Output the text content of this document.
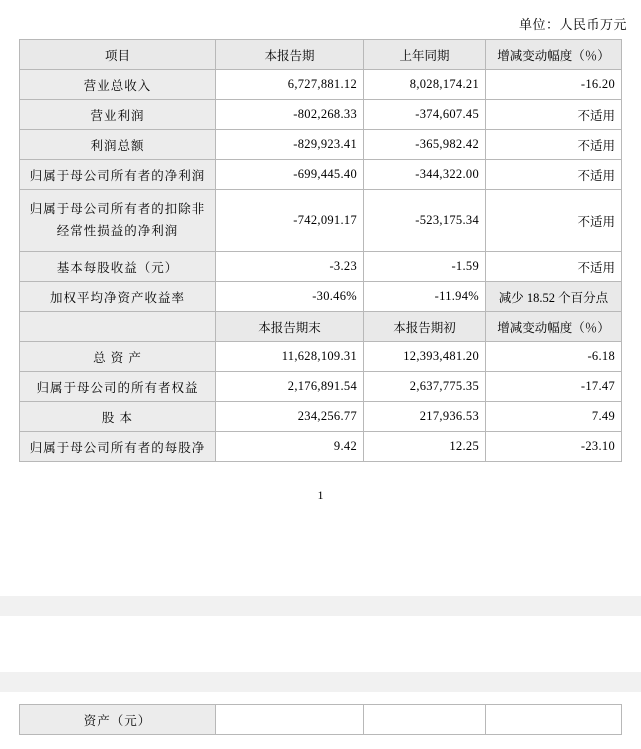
单位：人民币万元
项目	本报告期	上年同期	增减变动幅度（％）
营业总收入	6,727,881.12	8,028,174.21	-16.20
营业利润	-802,268.33	-374,607.45	不适用
利润总额	-829,923.41	-365,982.42	不适用
归属于母公司所有者的净利润	-699,445.40	-344,322.00	不适用
归属于母公司所有者的扣除非经常性损益的净利润	-742,091.17	-523,175.34	不适用
基本每股收益（元）	-3.23	-1.59	不适用
加权平均净资产收益率	-30.46%	-11.94%	减少 18.52 个百分点
	本报告期末	本报告期初	增减变动幅度（％）
总 资 产	11,628,109.31	12,393,481.20	-6.18
归属于母公司的所有者权益	2,176,891.54	2,637,775.35	-17.47
股 本	234,256.77	217,936.53	7.49
归属于母公司所有者的每股净	9.42	12.25	-23.10
1
资产（元）			
